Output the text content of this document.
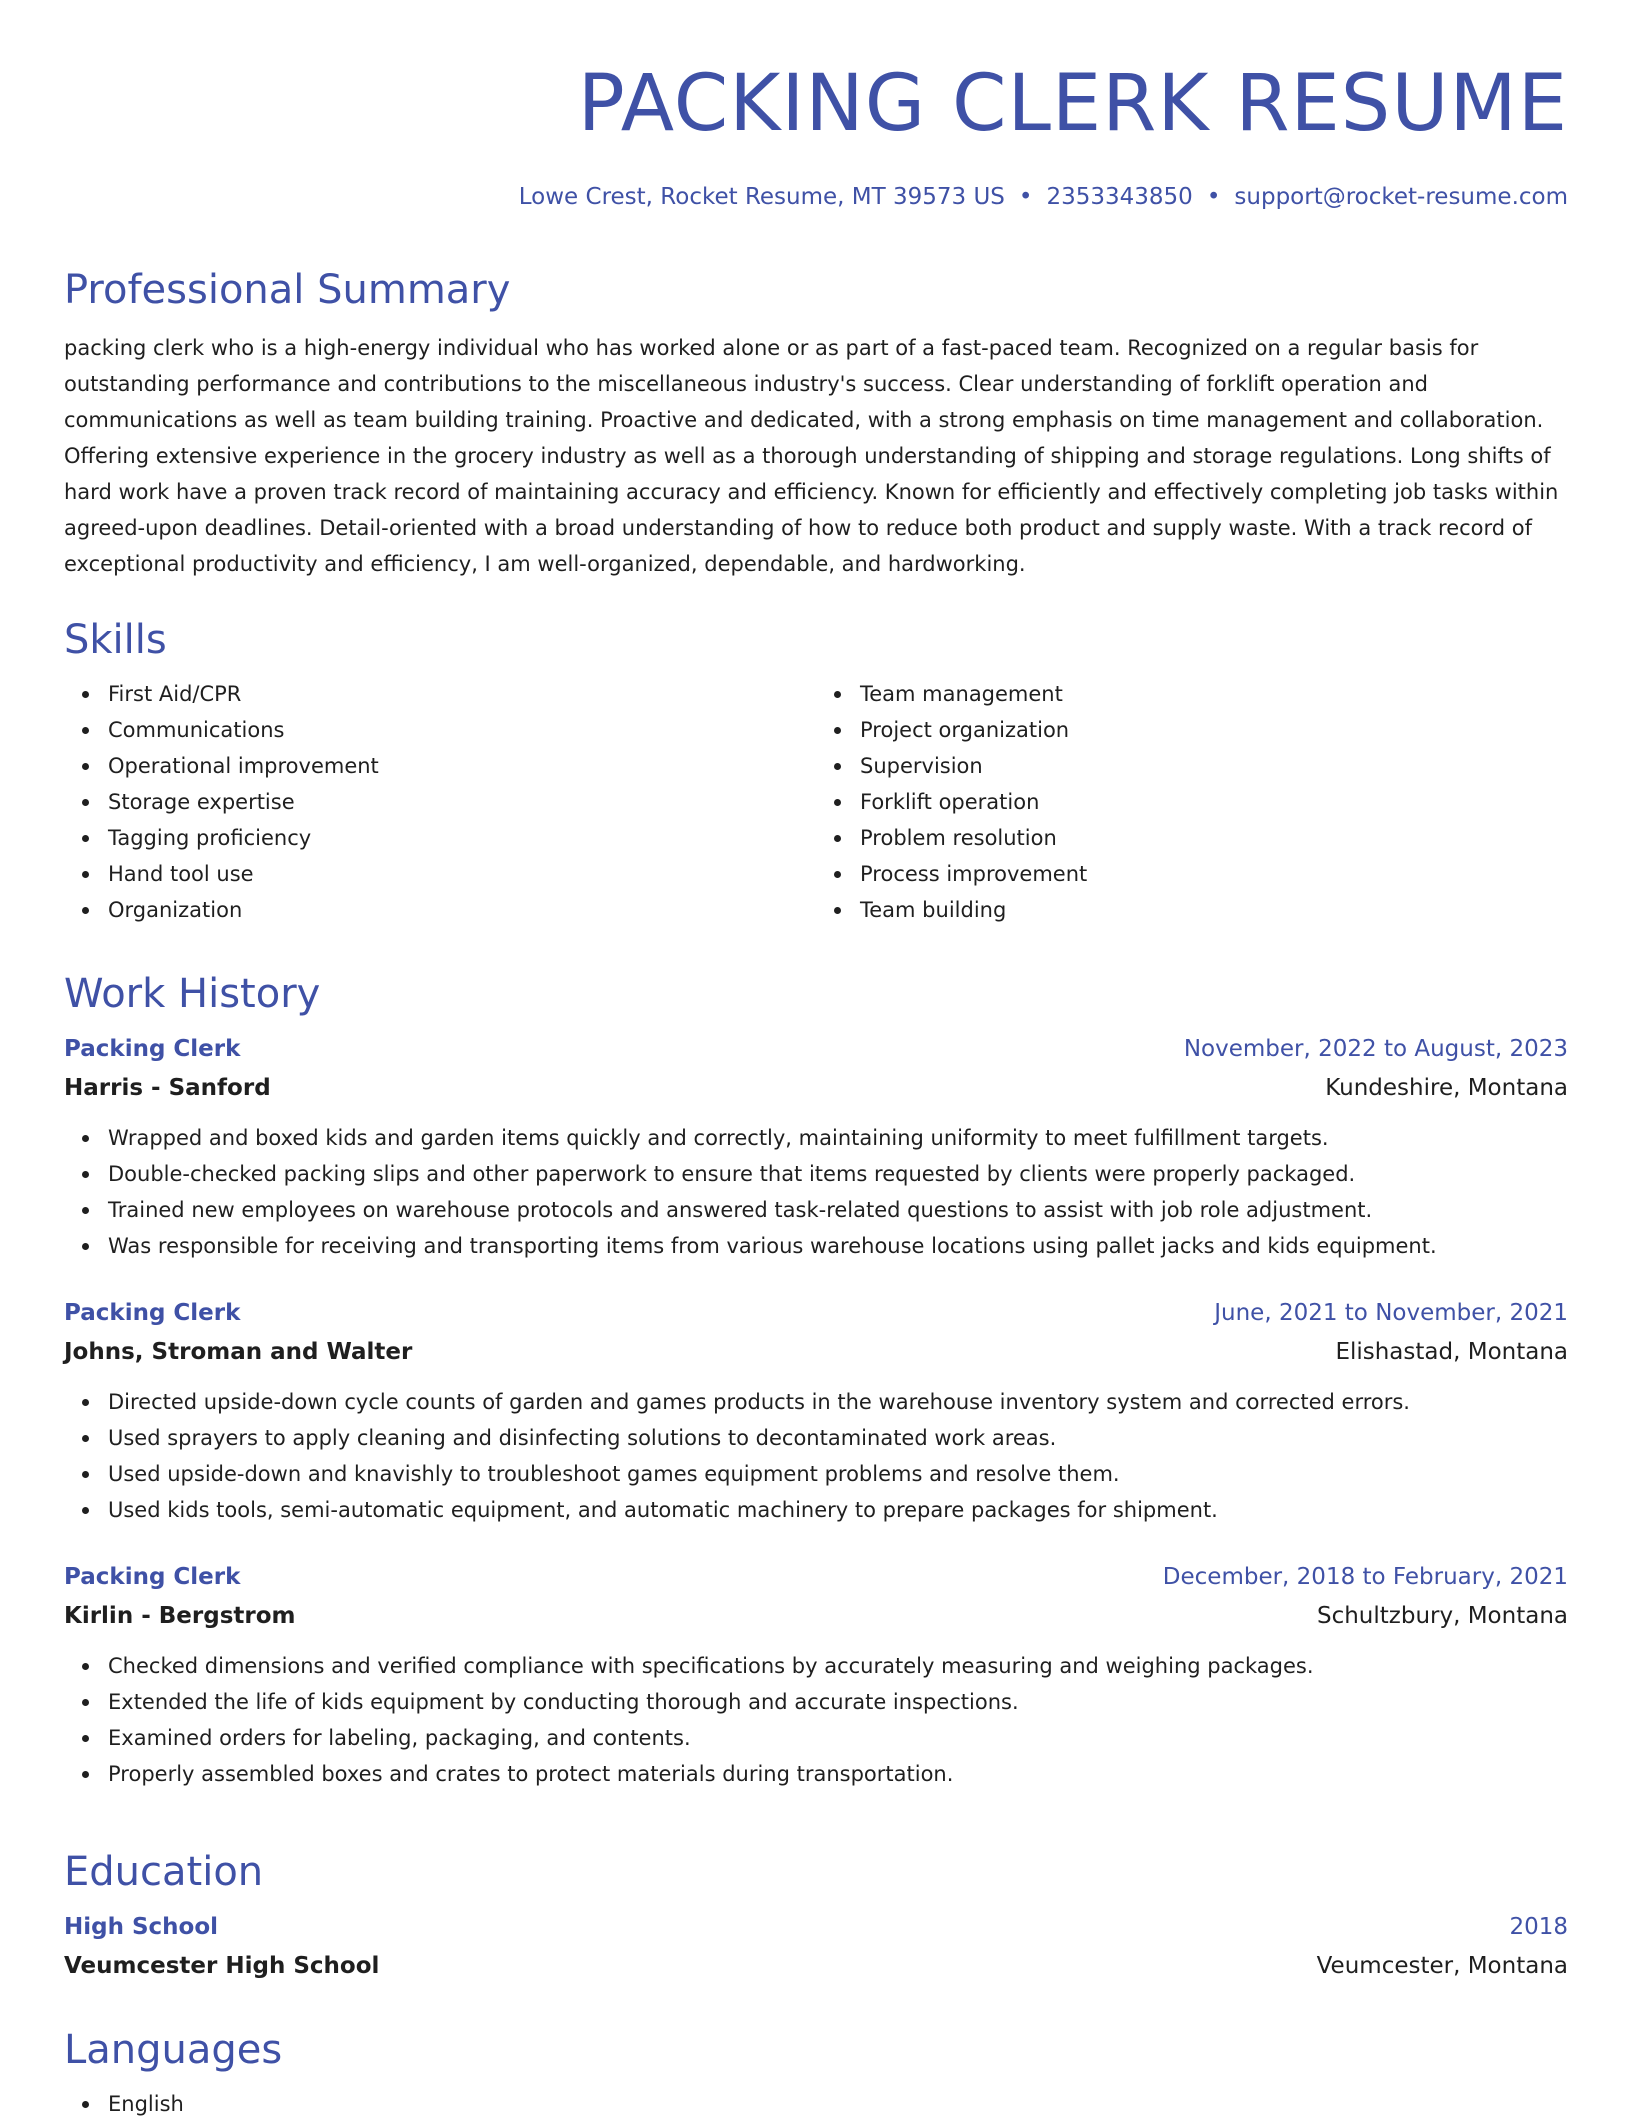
PACKING CLERK RESUME
Lowe Crest, Rocket Resume, MT 39573 US • 2353343850 • support@rocket-resume.com
Professional Summary

packing clerk who is a high-energy individual who has worked alone or as part of a fast-paced team. Recognized on a regular basis for outstanding performance and contributions to the miscellaneous industry's success. Clear understanding of forklift operation and communications as well as team building training. Proactive and dedicated, with a strong emphasis on time management and collaboration. Offering extensive experience in the grocery industry as well as a thorough understanding of shipping and storage regulations. Long shifts of hard work have a proven track record of maintaining accuracy and efficiency. Known for efficiently and effectively completing job tasks within agreed-upon deadlines. Detail-oriented with a broad understanding of how to reduce both product and supply waste. With a track record of exceptional productivity and efficiency, I am well-organized, dependable, and hardworking.

Skills
First Aid/CPR
Communications
Operational improvement
Storage expertise
Tagging proficiency
Hand tool use
Organization
Team management
Project organization
Supervision
Forklift operation
Problem resolution
Process improvement
Team building
Work History
Packing Clerk	November, 2022 to August, 2023
Harris - Sanford	Kundeshire, Montana
Wrapped and boxed kids and garden items quickly and correctly, maintaining uniformity to meet fulfillment targets.
Double-checked packing slips and other paperwork to ensure that items requested by clients were properly packaged.
Trained new employees on warehouse protocols and answered task-related questions to assist with job role adjustment.
Was responsible for receiving and transporting items from various warehouse locations using pallet jacks and kids equipment.
Packing Clerk	June, 2021 to November, 2021
Johns, Stroman and Walter	Elishastad, Montana
Directed upside-down cycle counts of garden and games products in the warehouse inventory system and corrected errors.
Used sprayers to apply cleaning and disinfecting solutions to decontaminated work areas.
Used upside-down and knavishly to troubleshoot games equipment problems and resolve them.
Used kids tools, semi-automatic equipment, and automatic machinery to prepare packages for shipment.
Packing Clerk	December, 2018 to February, 2021
Kirlin - Bergstrom	Schultzbury, Montana
Checked dimensions and verified compliance with specifications by accurately measuring and weighing packages.
Extended the life of kids equipment by conducting thorough and accurate inspections.
Examined orders for labeling, packaging, and contents.
Properly assembled boxes and crates to protect materials during transportation.
Education
High School	2018
Veumcester High School	Veumcester, Montana
Languages
English
